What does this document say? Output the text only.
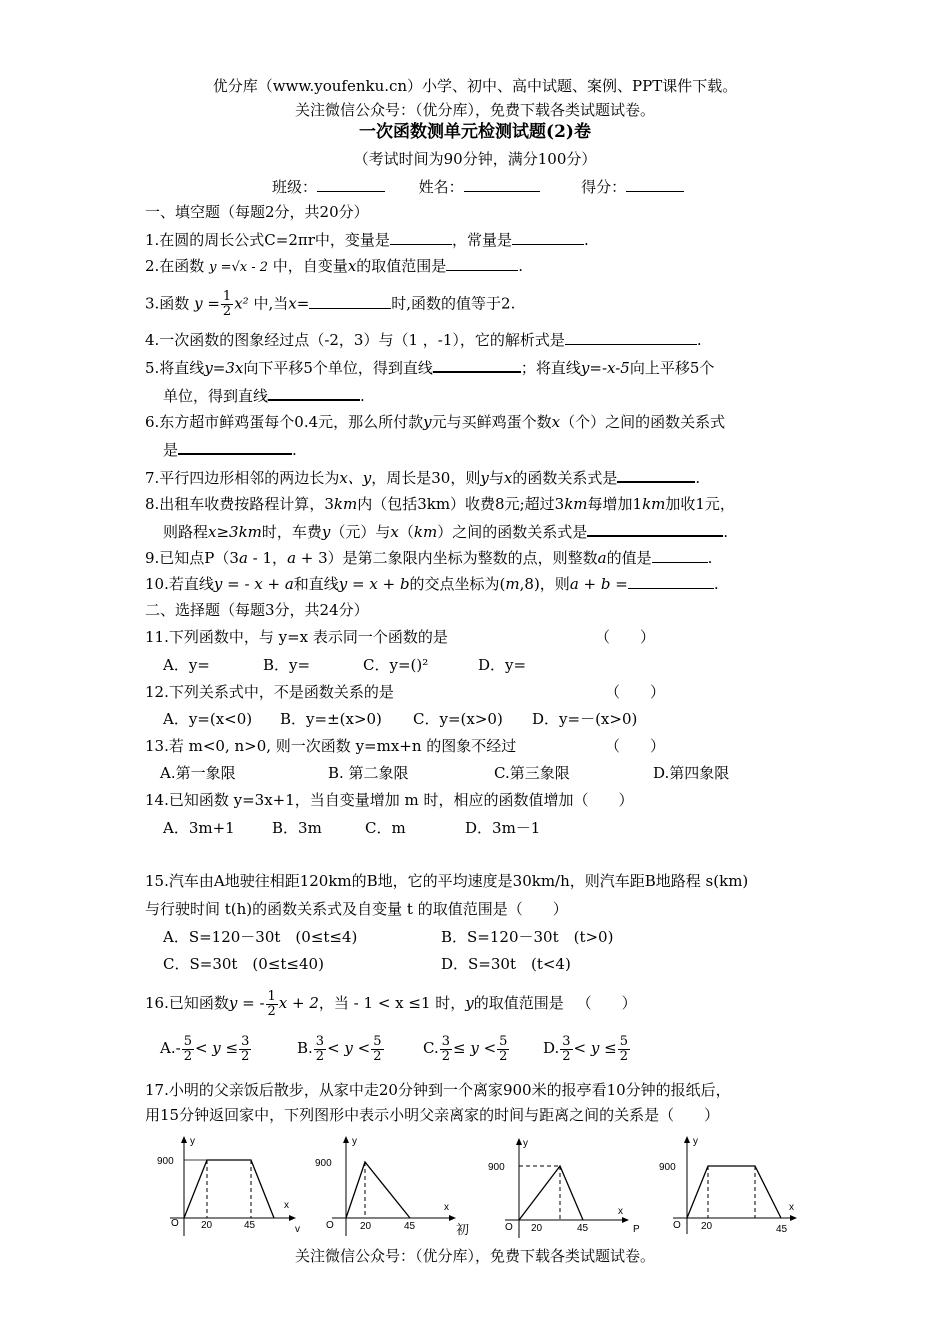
优分库（www.youfenku.cn）小学、初中、高中试题、案例、PPT课件下载。
关注微信公众号：（优分库），免费下载各类试题试卷。
一次函数测单元检测试题(2)卷
（考试时间为90分钟，满分100分）
班级：	姓名：	得分：
一、填空题（每题2分，共20分）
1.在圆的周长公式C=2πr中，变量是	，常量是	.
2.在函数 y =√x - 2 中，自变量x的取值范围是	.
3.函数 $y = \frac{1}{2} x^2$ 中,当x=	时,函数的值等于2.
4.一次函数的图象经过点（-2，3）与（1 ，-1），它的解析式是	.
5.将直线y=3x向下平移5个单位，得到直线	；将直线y=-x-5向上平移5个
单位，得到直线	.
6.东方超市鲜鸡蛋每个0.4元，那么所付款y元与买鲜鸡蛋个数x（个）之间的函数关系式
是	.
7.平行四边形相邻的两边长为x、y，周长是30，则y与x的函数关系式是	.
8.出租车收费按路程计算，3km内（包括3km）收费8元;超过3km每增加1km加收1元，
则路程x≥3km时，车费y（元）与x（km）之间的函数关系式是	.
9.已知点P（3a - 1，a + 3）是第二象限内坐标为整数的点，则整数a的值是	.
10.若直线y = - x + a和直线y = x + b的交点坐标为(m,8)，则a + b =	.
二、选择题（每题3分，共24分）
11.下列函数中，与 y=x 表示同一个函数的是	（　　）
A．y=	B．y=	C．y=()²	D．y=
12.下列关系式中，不是函数关系的是	（　　）
A．y=(x<0) B．y=±(x>0) C．y=(x>0) D．y=－(x>0)
13.若 m<0, n>0, 则一次函数 y=mx+n 的图象不经过	（　　）
A.第一象限	B. 第二象限	C.第三象限	D.第四象限
14.已知函数 y=3x+1，当自变量增加 m 时，相应的函数值增加（　　）
A．3m+1 B．3m	C．m	D．3m－1
15.汽车由A地驶往相距120km的B地，它的平均速度是30km/h，则汽车距B地路程 s(km)
与行驶时间 t(h)的函数关系式及自变量 t 的取值范围是（　　）
A．S=120－30t　(0≤t≤4)	B．S=120－30t　(t>0)
C．S=30t　(0≤t≤40)	D．S=30t　(t<4)
16.已知函数y = - $\frac{1}{2}$ x + 2，当 - 1 < x ≤1 时，y的取值范围是 （　　）
$A.- \frac{5}{2} < y \le \frac{3}{2}$	B. $\frac{3}{2} < y < \frac{5}{2}$	C. $\frac{3}{2} \le y < \frac{5}{2} D$. $\frac{3}{2} < y \le \frac{5}{2}$
17.小明的父亲饭后散步，从家中走20分钟到一个离家900米的报亭看10分钟的报纸后，
用15分钟返回家中，下列图形中表示小明父亲离家的时间与距离之间的关系是（　　）
y
x
O
900
20	45	v
y
x
O
900
20	45	初
y
x
O
900
20	45	P
y
x
O
900
20	45
关注微信公众号：（优分库），免费下载各类试题试卷。
